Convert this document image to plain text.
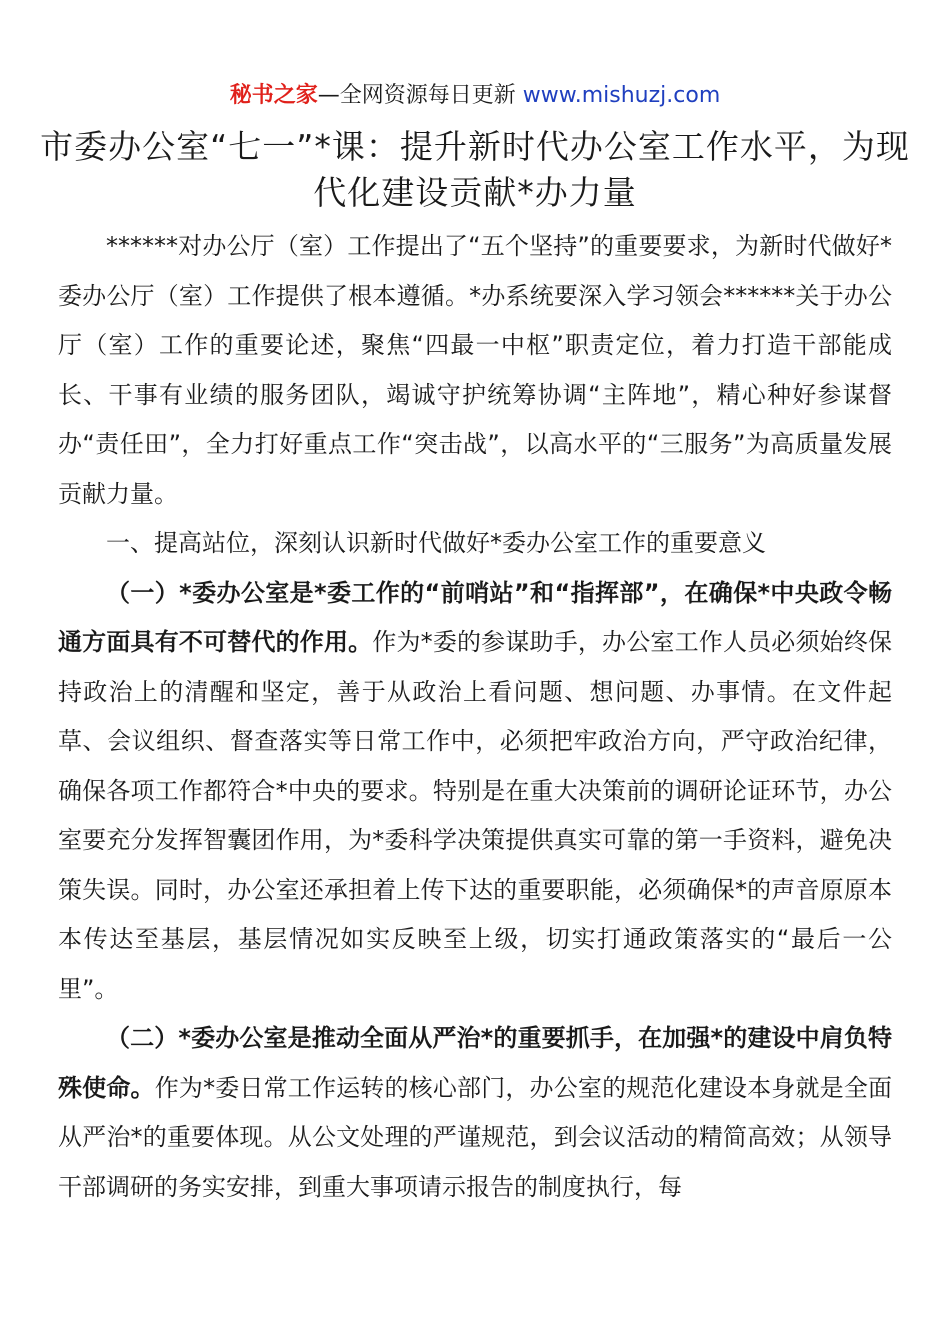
秘书之家—全网资源每日更新 www.mishuzj.com
市委办公室“七一”*课：提升新时代办公室工作水平，为现代化建设贡献*办力量

******对办公厅（室）工作提出了“五个坚持”的重要要求，为新时代做好*委办公厅（室）工作提供了根本遵循。*办系统要深入学习领会******关于办公厅（室）工作的重要论述，聚焦“四最一中枢”职责定位，着力打造干部能成长、干事有业绩的服务团队，竭诚守护统筹协调“主阵地”，精心种好参谋督办“责任田”，全力打好重点工作“突击战”，以高水平的“三服务”为高质量发展贡献力量。

一、提高站位，深刻认识新时代做好*委办公室工作的重要意义

（一）*委办公室是*委工作的“前哨站”和“指挥部”，在确保*中央政令畅通方面具有不可替代的作用。作为*委的参谋助手，办公室工作人员必须始终保持政治上的清醒和坚定，善于从政治上看问题、想问题、办事情。在文件起草、会议组织、督查落实等日常工作中，必须把牢政治方向，严守政治纪律，确保各项工作都符合*中央的要求。特别是在重大决策前的调研论证环节，办公室要充分发挥智囊团作用，为*委科学决策提供真实可靠的第一手资料，避免决策失误。同时，办公室还承担着上传下达的重要职能，必须确保*的声音原原本本传达至基层，基层情况如实反映至上级，切实打通政策落实的“最后一公里”。

（二）*委办公室是推动全面从严治*的重要抓手，在加强*的建设中肩负特殊使命。作为*委日常工作运转的核心部门，办公室的规范化建设本身就是全面从严治*的重要体现。从公文处理的严谨规范，到会议活动的精简高效；从领导干部调研的务实安排，到重大事项请示报告的制度执行，每
